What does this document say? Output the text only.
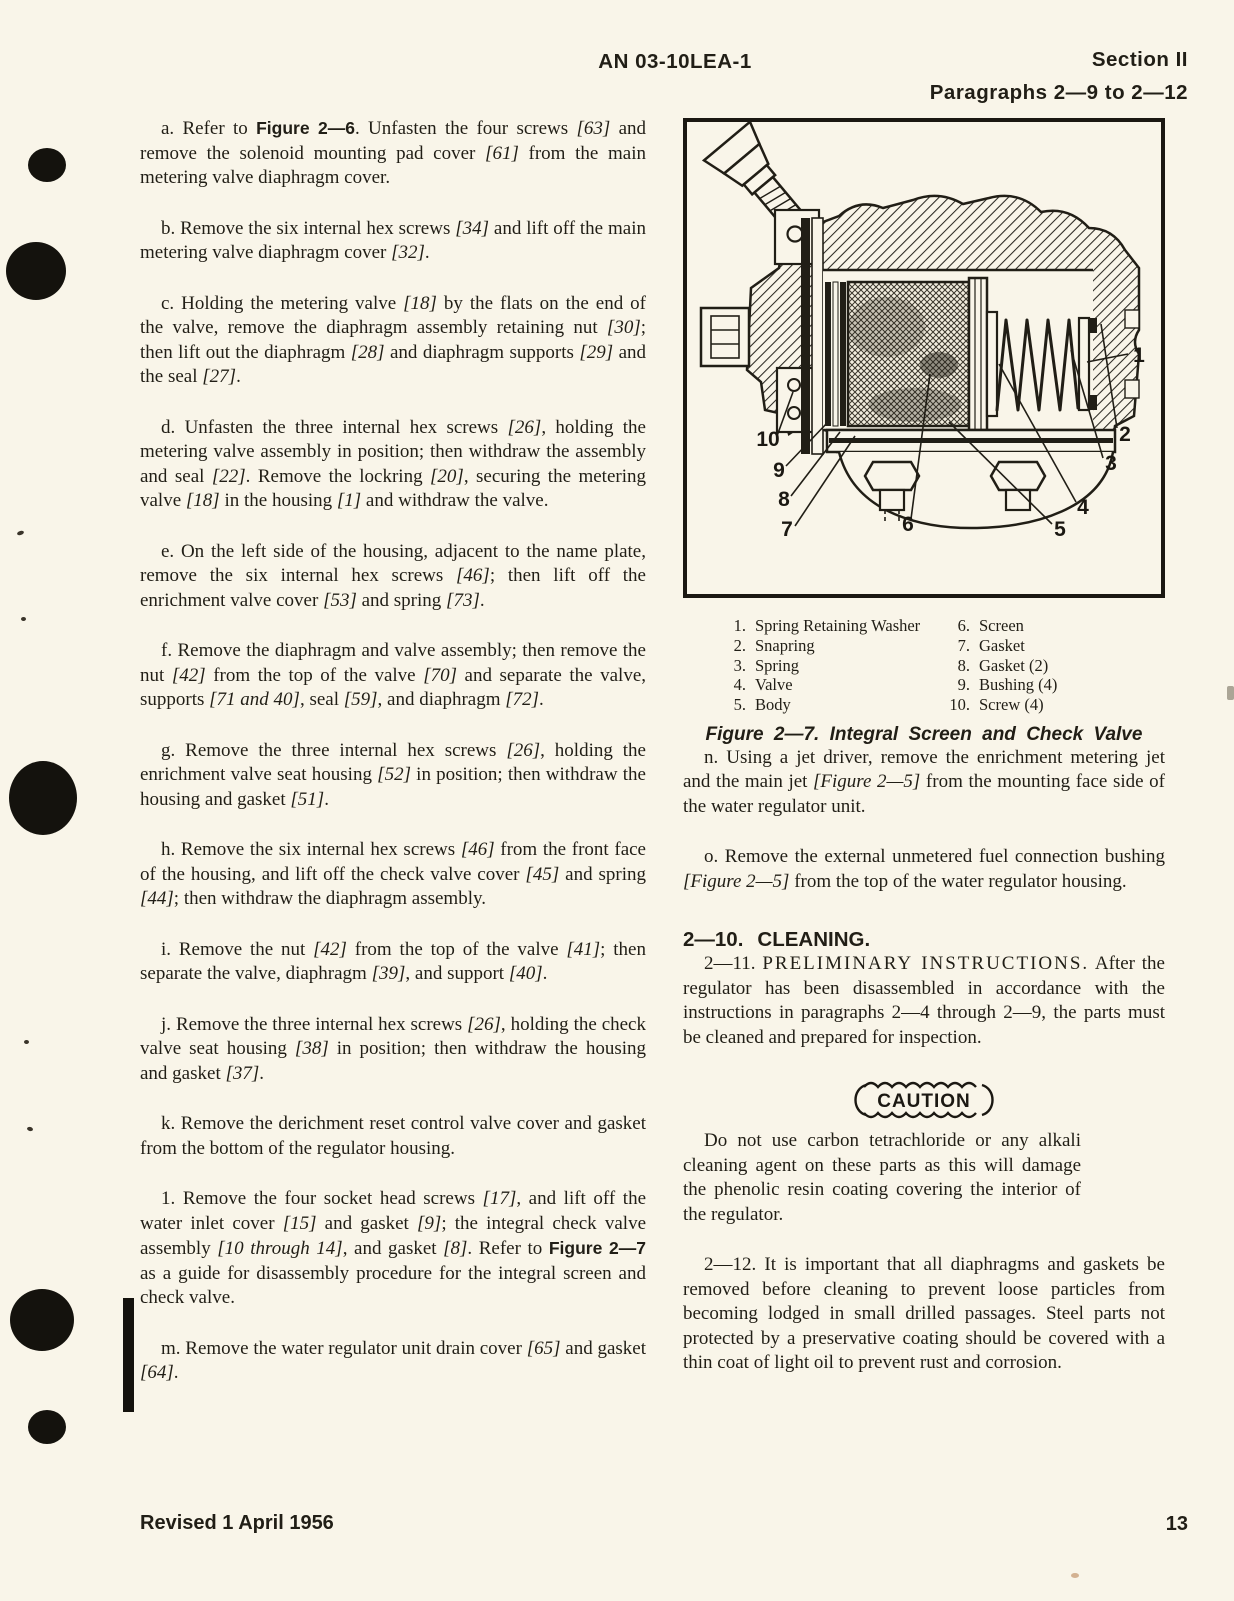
AN 03-10LEA-1	Section II
Paragraphs 2—9 to 2—12

a. Refer to Figure 2—6. Unfasten the four screws [63] and remove the solenoid mounting pad cover [61] from the main metering valve diaphragm cover.

b. Remove the six internal hex screws [34] and lift off the main metering valve diaphragm cover [32].

c. Holding the metering valve [18] by the flats on the end of the valve, remove the diaphragm assembly retaining nut [30]; then lift out the diaphragm [28] and diaphragm supports [29] and the seal [27].

d. Unfasten the three internal hex screws [26], holding the metering valve assembly in position; then withdraw the assembly and seal [22]. Remove the lockring [20], securing the metering valve [18] in the housing [1] and withdraw the valve.

e. On the left side of the housing, adjacent to the name plate, remove the six internal hex screws [46]; then lift off the enrichment valve cover [53] and spring [73].

f. Remove the diaphragm and valve assembly; then remove the nut [42] from the top of the valve [70] and separate the valve, supports [71 and 40], seal [59], and diaphragm [72].

g. Remove the three internal hex screws [26], holding the enrichment valve seat housing [52] in position; then withdraw the housing and gasket [51].

h. Remove the six internal hex screws [46] from the front face of the housing, and lift off the check valve cover [45] and spring [44]; then withdraw the diaphragm assembly.

i. Remove the nut [42] from the top of the valve [41]; then separate the valve, diaphragm [39], and support [40].

j. Remove the three internal hex screws [26], holding the check valve seat housing [38] in position; then withdraw the housing and gasket [37].

k. Remove the derichment reset control valve cover and gasket from the bottom of the regulator housing.

1. Remove the four socket head screws [17], and lift off the water inlet cover [15] and gasket [9]; the integral check valve assembly [10 through 14], and gasket [8]. Refer to Figure 2—7 as a guide for disassembly procedure for the integral screen and check valve.

m. Remove the water regulator unit drain cover [65] and gasket [64].

1
2
3
4
5
6
7
8
9
10
1. Spring Retaining Washer
2. Snapring
3. Spring
4. Valve
5. Body
6. Screen
7. Gasket
8. Gasket (2)
9. Bushing (4)
10. Screw (4)
Figure 2—7. Integral Screen and Check Valve

n. Using a jet driver, remove the enrichment metering jet and the main jet [Figure 2—5] from the mounting face side of the water regulator unit.

o. Remove the external unmetered fuel connection bushing [Figure 2—5] from the top of the water regulator housing.

2—10. CLEANING.

2—11. PRELIMINARY INSTRUCTIONS. After the regulator has been disassembled in accordance with the instructions in paragraphs 2—4 through 2—9, the parts must be cleaned and prepared for inspection.

CAUTION

Do not use carbon tetrachloride or any alkali cleaning agent on these parts as this will damage the phenolic resin coating covering the interior of the regulator.

2—12. It is important that all diaphragms and gaskets be removed before cleaning to prevent loose particles from becoming lodged in small drilled passages. Steel parts not protected by a preservative coating should be covered with a thin coat of light oil to prevent rust and corrosion.

Revised 1 April 1956	13
